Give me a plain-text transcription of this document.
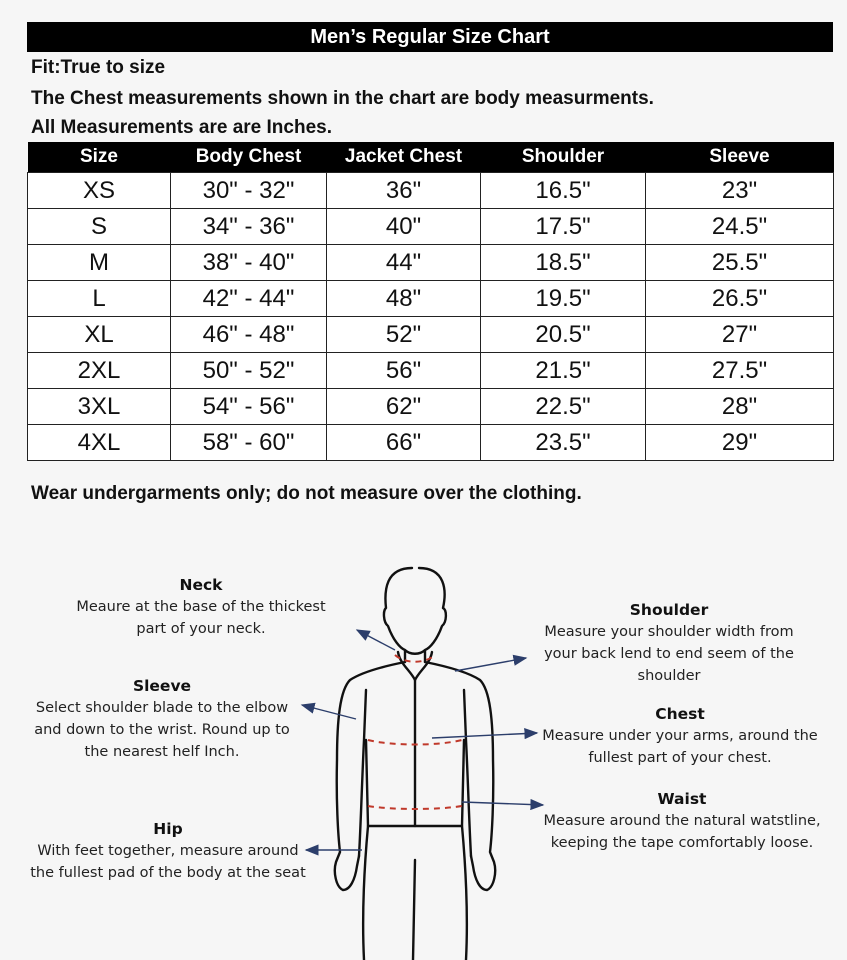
Men’s Regular Size Chart
Fit:True to size
The Chest measurements shown in the chart are body measurments.
All Measurements are are Inches.
Size	Body Chest	Jacket Chest	Shoulder	Sleeve
XS	30" - 32"	36"	16.5"	23"
S	34" - 36"	40"	17.5"	24.5"
M	38" - 40"	44"	18.5"	25.5"
L	42" - 44"	48"	19.5"	26.5"
XL	46" - 48"	52"	20.5"	27"
2XL	50" - 52"	56"	21.5"	27.5"
3XL	54" - 56"	62"	22.5"	28"
4XL	58" - 60"	66"	23.5"	29"
Wear undergarments only; do not measure over the clothing.
Neck
Meaure at the base of the thickest
part of your neck.
Sleeve
Select shoulder blade to the elbow
and down to the wrist. Round up to
the nearest helf Inch.
Hip
With feet together, measure around
the fullest pad of the body at the seat
Shoulder
Measure your shoulder width from
your back lend to end seem of the
shoulder
Chest
Measure under your arms, around the
fullest part of your chest.
Waist
Measure around the natural watstline,
keeping the tape comfortably loose.
